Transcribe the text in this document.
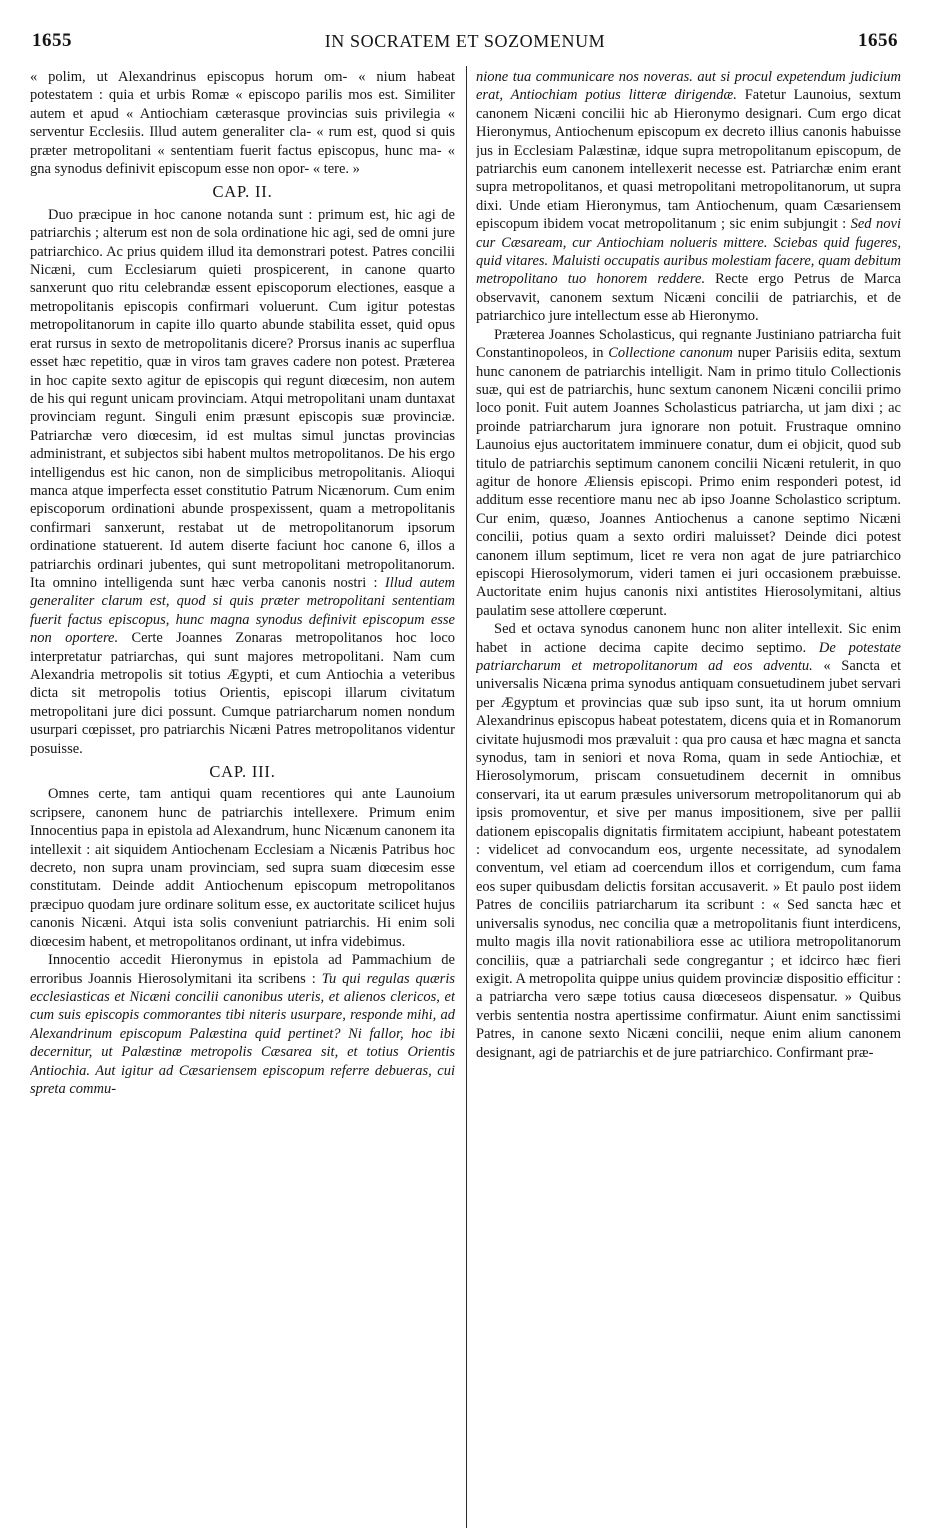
1655	IN SOCRATEM ET SOZOMENUM	1656

« polim, ut Alexandrinus episcopus horum om- « nium habeat potestatem : quia et urbis Romæ « episcopo parilis mos est. Similiter autem et apud « Antiochiam cæterasque provincias suis privilegia « serventur Ecclesiis. Illud autem generaliter cla- « rum est, quod si quis præter metropolitani « sententiam fuerit factus episcopus, hunc ma- « gna synodus definivit episcopum esse non opor- « tere. »

CAP. II.

Duo præcipue in hoc canone notanda sunt : primum est, hic agi de patriarchis ; alterum est non de sola ordinatione hic agi, sed de omni jure patriarchico. Ac prius quidem illud ita demonstrari potest. Patres concilii Nicæni, cum Ecclesiarum quieti prospicerent, in canone quarto sanxerunt quo ritu celebrandæ essent episcoporum electiones, easque a metropolitanis episcopis confirmari voluerunt. Cum igitur potestas metropolitanorum in capite illo quarto abunde stabilita esset, quid opus erat rursus in sexto de metropolitanis dicere? Prorsus inanis ac superflua esset hæc repetitio, quæ in viros tam graves cadere non potest. Præterea in hoc capite sexto agitur de episcopis qui regunt diœcesim, non autem de his qui regunt unicam provinciam. Atqui metropolitani unam duntaxat provinciam regunt. Singuli enim præsunt episcopis suæ provinciæ. Patriarchæ vero diœcesim, id est multas simul junctas provincias administrant, et subjectos sibi habent multos metropolitanos. De his ergo intelligendus est hic canon, non de simplicibus metropolitanis. Alioqui manca atque imperfecta esset constitutio Patrum Nicænorum. Cum enim episcoporum ordinationi abunde prospexissent, quam a metropolitanis confirmari sanxerunt, restabat ut de metropolitanorum ipsorum ordinatione statuerent. Id autem diserte faciunt hoc canone 6, illos a patriarchis ordinari jubentes, qui sunt metropolitani metropolitanorum. Ita omnino intelligenda sunt hæc verba canonis nostri : Illud autem generaliter clarum est, quod si quis præter metropolitani sententiam fuerit factus episcopus, hunc magna synodus definivit episcopum esse non oportere. Certe Joannes Zonaras metropolitanos hoc loco interpretatur patriarchas, qui sunt majores metropolitani. Nam cum Alexandria metropolis sit totius Ægypti, et cum Antiochia a veteribus dicta sit metropolis totius Orientis, episcopi illarum civitatum metropolitani jure dici possunt. Cumque patriarcharum nomen nondum usurpari cœpisset, pro patriarchis Nicæni Patres metropolitanos videntur posuisse.

CAP. III.

Omnes certe, tam antiqui quam recentiores qui ante Launoium scripsere, canonem hunc de patriarchis intellexere. Primum enim Innocentius papa in epistola ad Alexandrum, hunc Nicænum canonem ita intellexit : ait siquidem Antiochenam Ecclesiam a Nicænis Patribus hoc decreto, non supra unam provinciam, sed supra suam diœcesim esse constitutam. Deinde addit Antiochenum episcopum metropolitanos præcipuo quodam jure ordinare solitum esse, ex auctoritate scilicet hujus canonis Nicæni. Atqui ista solis conveniunt patriarchis. Hi enim soli diœcesim habent, et metropolitanos ordinant, ut infra videbimus.

Innocentio accedit Hieronymus in epistola ad Pammachium de erroribus Joannis Hierosolymitani ita scribens : Tu qui regulas quæris ecclesiasticas et Nicæni concilii canonibus uteris, et alienos clericos, et cum suis episcopis commorantes tibi niteris usurpare, responde mihi, ad Alexandrinum episcopum Palæstina quid pertinet? Ni fallor, hoc ibi decernitur, ut Palæstinæ metropolis Cæsarea sit, et totius Orientis Antiochia. Aut igitur ad Cæsariensem episcopum referre debueras, cui spreta commu-

nione tua communicare nos noveras. aut si procul expetendum judicium erat, Antiochiam potius litteræ dirigendæ. Fatetur Launoius, sextum canonem Nicæni concilii hic ab Hieronymo designari. Cum ergo dicat Hieronymus, Antiochenum episcopum ex decreto illius canonis habuisse jus in Ecclesiam Palæstinæ, idque supra metropolitanum episcopum, de patriarchis eum canonem intellexerit necesse est. Patriarchæ enim erant supra metropolitanos, et quasi metropolitani metropolitanorum, ut supra dixi. Unde etiam Hieronymus, tam Antiochenum, quam Cæsariensem episcopum ibidem vocat metropolitanum ; sic enim subjungit : Sed novi cur Cæsaream, cur Antiochiam nolueris mittere. Sciebas quid fugeres, quid vitares. Maluisti occupatis auribus molestiam facere, quam debitum metropolitano tuo honorem reddere. Recte ergo Petrus de Marca observavit, canonem sextum Nicæni concilii de patriarchis, et de patriarchico jure intellectum esse ab Hieronymo.

Præterea Joannes Scholasticus, qui regnante Justiniano patriarcha fuit Constantinopoleos, in Collectione canonum nuper Parisiis edita, sextum hunc canonem de patriarchis intelligit. Nam in primo titulo Collectionis suæ, qui est de patriarchis, hunc sextum canonem Nicæni concilii primo loco ponit. Fuit autem Joannes Scholasticus patriarcha, ut jam dixi ; ac proinde patriarcharum jura ignorare non potuit. Frustraque omnino Launoius ejus auctoritatem imminuere conatur, dum ei objicit, quod sub titulo de patriarchis septimum canonem concilii Nicæni retulerit, in quo agitur de honore Æliensis episcopi. Primo enim responderi potest, id additum esse recentiore manu nec ab ipso Joanne Scholastico scriptum. Cur enim, quæso, Joannes Antiochenus a canone septimo Nicæni concilii, potius quam a sexto ordiri maluisset? Deinde dici potest canonem illum septimum, licet re vera non agat de jure patriarchico episcopi Hierosolymorum, videri tamen ei juri occasionem præbuisse. Auctoritate enim hujus canonis nixi antistites Hierosolymitani, altius paulatim sese attollere cœperunt.

Sed et octava synodus canonem hunc non aliter intellexit. Sic enim habet in actione decima capite decimo septimo. De potestate patriarcharum et metropolitanorum ad eos adventu. « Sancta et universalis Nicæna prima synodus antiquam consuetudinem jubet servari per Ægyptum et provincias quæ sub ipso sunt, ita ut horum omnium Alexandrinus episcopus habeat potestatem, dicens quia et in Romanorum civitate hujusmodi mos prævaluit : qua pro causa et hæc magna et sancta synodus, tam in seniori et nova Roma, quam in sede Antiochiæ, et Hierosolymorum, priscam consuetudinem decernit in omnibus conservari, ita ut earum præsules universorum metropolitanorum qui ab ipsis promoventur, et sive per manus impositionem, sive per pallii dationem episcopalis dignitatis firmitatem accipiunt, habeant potestatem : videlicet ad convocandum eos, urgente necessitate, ad synodalem conventum, vel etiam ad coercendum illos et corrigendum, cum fama eos super quibusdam delictis forsitan accusaverit. » Et paulo post iidem Patres de conciliis patriarcharum ita scribunt : « Sed sancta hæc et universalis synodus, nec concilia quæ a metropolitanis fiunt interdicens, multo magis illa novit rationabiliora esse ac utiliora metropolitanorum conciliis, quæ a patriarchali sede congregantur ; et idcirco hæc fieri exigit. A metropolita quippe unius quidem provinciæ dispositio efficitur : a patriarcha vero sæpe totius causa diœceseos dispensatur. » Quibus verbis sententia nostra apertissime confirmatur. Aiunt enim sanctissimi Patres, in canone sexto Nicæni concilii, neque enim alium canonem designant, agi de patriarchis et de jure patriarchico. Confirmant præ-
